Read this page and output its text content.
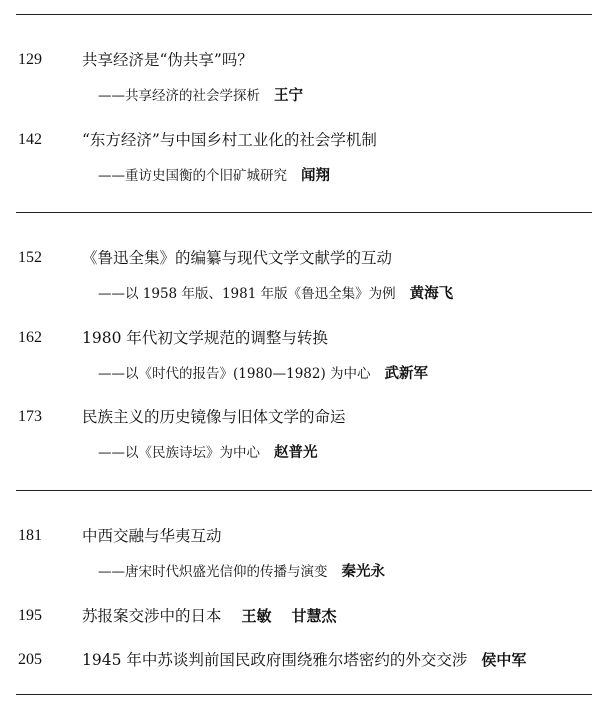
129	共享经济是“伪共享”吗？
——共享经济的社会学探析 王宁
142	“东方经济”与中国乡村工业化的社会学机制
——重访史国衡的个旧矿城研究 闻翔
152	《鲁迅全集》的编纂与现代文学文献学的互动
——以 1958 年版、1981 年版《鲁迅全集》为例 黄海飞
162	1980 年代初文学规范的调整与转换
——以《时代的报告》(1980—1982) 为中心 武新军
173	民族主义的历史镜像与旧体文学的命运
——以《民族诗坛》为中心 赵普光
181	中西交融与华夷互动
——唐宋时代炽盛光信仰的传播与演变 秦光永
195	苏报案交涉中的日本 王敏 甘慧杰
205	1945 年中苏谈判前国民政府围绕雅尔塔密约的外交交涉 侯中军
